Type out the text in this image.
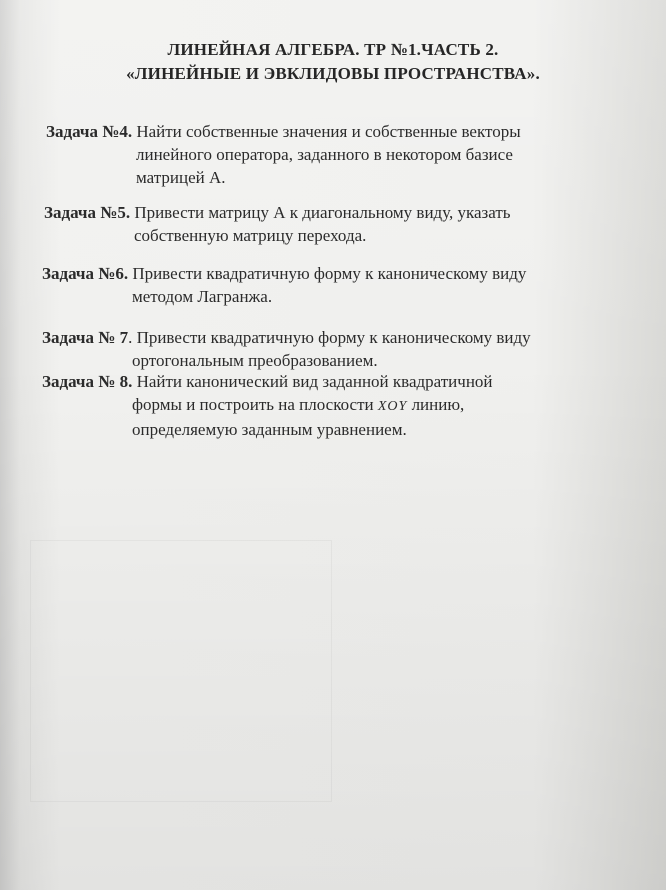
ЛИНЕЙНАЯ АЛГЕБРА. ТР №1.ЧАСТЬ 2.
«ЛИНЕЙНЫЕ И ЭВКЛИДОВЫ ПРОСТРАНСТВА».
Задача №4. Найти собственные значения и собственные векторы
линейного оператора, заданного в некотором базисе
матрицей А.
Задача №5. Привести матрицу А к диагональному виду, указать
собственную матрицу перехода.
Задача №6. Привести квадратичную форму к каноническому виду
методом Лагранжа.
Задача № 7. Привести квадратичную форму к каноническому виду
ортогональным преобразованием.
Задача № 8. Найти канонический вид заданной квадратичной
формы и построить на плоскости XOY линию,
определяемую заданным уравнением.
